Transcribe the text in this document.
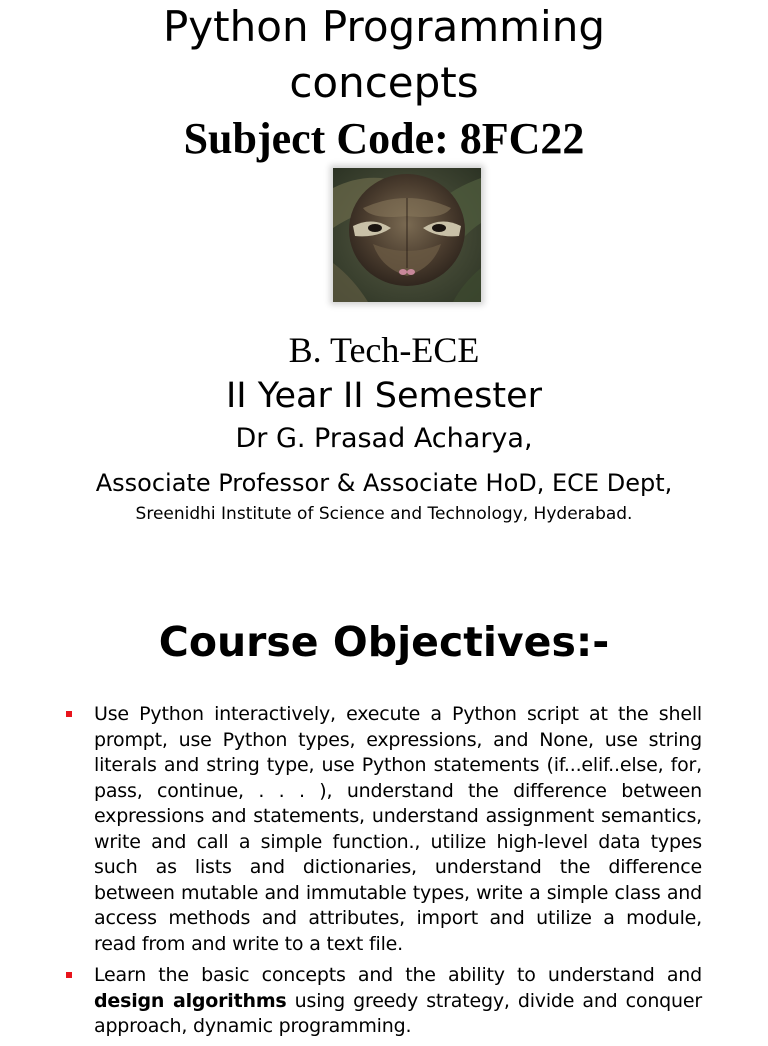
Python Programming
concepts
Subject Code: 8FC22
B. Tech-ECE
II Year II Semester
Dr G. Prasad Acharya,
Associate Professor & Associate HoD, ECE Dept,
Sreenidhi Institute of Science and Technology, Hyderabad.
Course Objectives:-
Use Python interactively, execute a Python script at the shell prompt, use Python types, expressions, and None, use string literals and string type, use Python statements (if...elif..else, for, pass, continue, . . . ), understand the difference between expressions and statements, understand assignment semantics, write and call a simple function., utilize high-level data types such as lists and dictionaries, understand the difference between mutable and immutable types, write a simple class and access methods and attributes, import and utilize a module, read from and write to a text file.
Learn the basic concepts and the ability to understand and design algorithms using greedy strategy, divide and conquer approach, dynamic programming.
